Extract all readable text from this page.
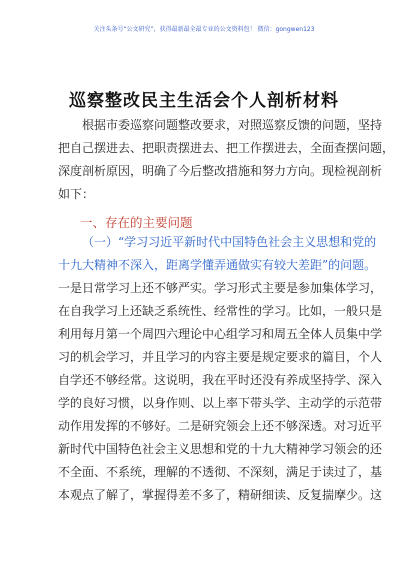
关注头条号“公文研究”，获得最新最全最专业的公文资料包！ 微信：gongwen123
巡察整改民主生活会个人剖析材料
根据市委巡察问题整改要求，对照巡察反馈的问题，坚持
把自己摆进去、把职责摆进去、把工作摆进去，全面查摆问题，
深度剖析原因，明确了今后整改措施和努力方向。现检视剖析
如下：
一、存在的主要问题
（一）“学习习近平新时代中国特色社会主义思想和党的
十九大精神不深入，距离学懂弄通做实有较大差距”的问题。
一是日常学习上还不够严实。学习形式主要是参加集体学习，
在自我学习上还缺乏系统性、经常性的学习。比如，一般只是
利用每月第一个周四六理论中心组学习和周五全体人员集中学
习的机会学习，并且学习的内容主要是规定要求的篇目，个人
自学还不够经常。这说明，我在平时还没有养成坚持学、深入
学的良好习惯，以身作则、以上率下带头学、主动学的示范带
动作用发挥的不够好。二是研究领会上还不够深透。对习近平
新时代中国特色社会主义思想和党的十九大精神学习领会的还
不全面、不系统，理解的不透彻、不深刻，满足于读过了，基
本观点了解了，掌握得差不多了，精研细读、反复揣摩少。这
